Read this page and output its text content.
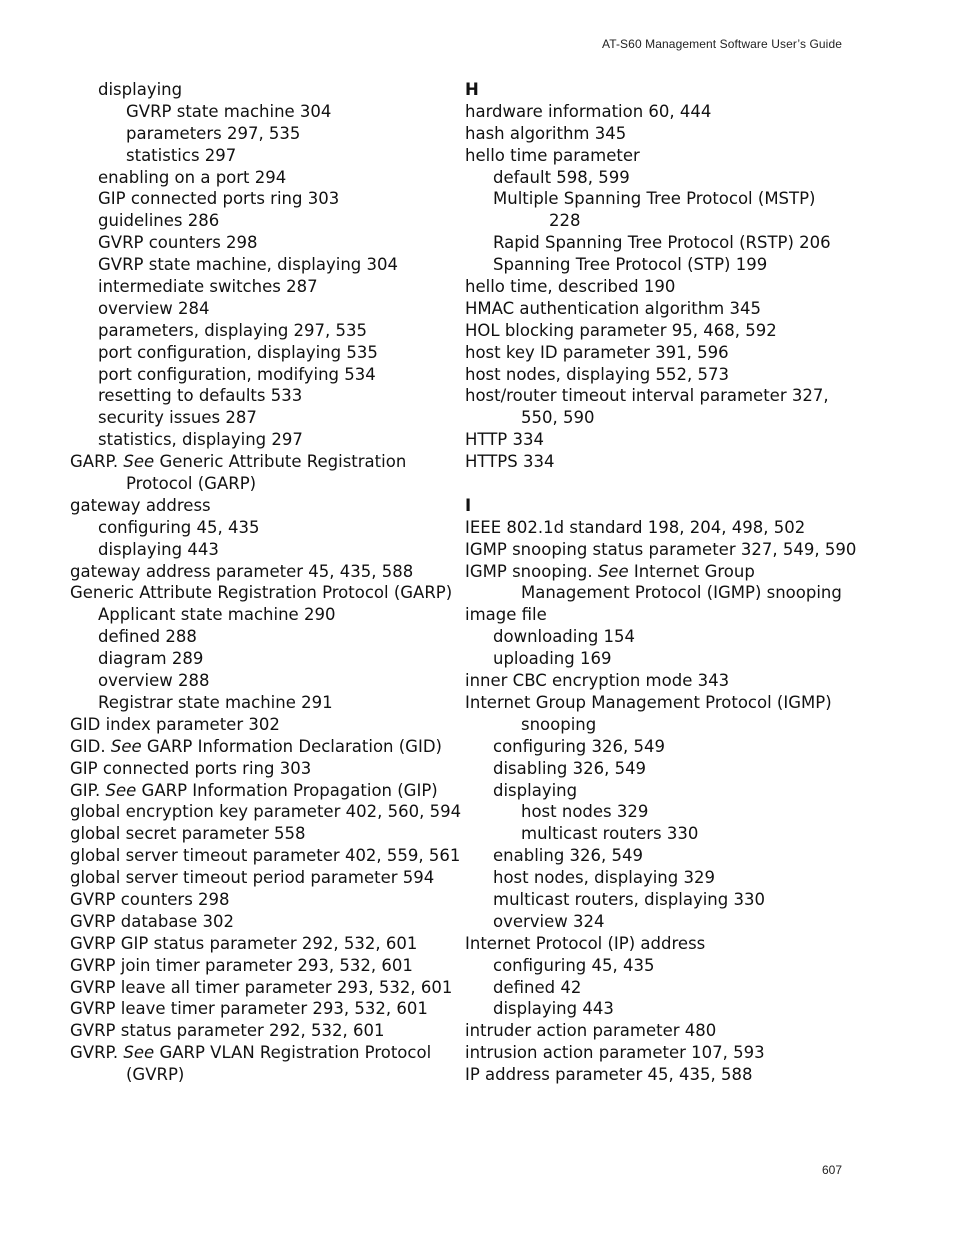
AT-S60 Management Software User’s Guide
displaying
GVRP state machine 304
parameters 297, 535
statistics 297
enabling on a port 294
GIP connected ports ring 303
guidelines 286
GVRP counters 298
GVRP state machine, displaying 304
intermediate switches 287
overview 284
parameters, displaying 297, 535
port configuration, displaying 535
port configuration, modifying 534
resetting to defaults 533
security issues 287
statistics, displaying 297
GARP. See Generic Attribute Registration
Protocol (GARP)
gateway address
configuring 45, 435
displaying 443
gateway address parameter 45, 435, 588
Generic Attribute Registration Protocol (GARP)
Applicant state machine 290
defined 288
diagram 289
overview 288
Registrar state machine 291
GID index parameter 302
GID. See GARP Information Declaration (GID)
GIP connected ports ring 303
GIP. See GARP Information Propagation (GIP)
global encryption key parameter 402, 560, 594
global secret parameter 558
global server timeout parameter 402, 559, 561
global server timeout period parameter 594
GVRP counters 298
GVRP database 302
GVRP GIP status parameter 292, 532, 601
GVRP join timer parameter 293, 532, 601
GVRP leave all timer parameter 293, 532, 601
GVRP leave timer parameter 293, 532, 601
GVRP status parameter 292, 532, 601
GVRP. See GARP VLAN Registration Protocol
(GVRP)
H
hardware information 60, 444
hash algorithm 345
hello time parameter
default 598, 599
Multiple Spanning Tree Protocol (MSTP)
228
Rapid Spanning Tree Protocol (RSTP) 206
Spanning Tree Protocol (STP) 199
hello time, described 190
HMAC authentication algorithm 345
HOL blocking parameter 95, 468, 592
host key ID parameter 391, 596
host nodes, displaying 552, 573
host/router timeout interval parameter 327,
550, 590
HTTP 334
HTTPS 334
I
IEEE 802.1d standard 198, 204, 498, 502
IGMP snooping status parameter 327, 549, 590
IGMP snooping. See Internet Group
Management Protocol (IGMP) snooping
image file
downloading 154
uploading 169
inner CBC encryption mode 343
Internet Group Management Protocol (IGMP)
snooping
configuring 326, 549
disabling 326, 549
displaying
host nodes 329
multicast routers 330
enabling 326, 549
host nodes, displaying 329
multicast routers, displaying 330
overview 324
Internet Protocol (IP) address
configuring 45, 435
defined 42
displaying 443
intruder action parameter 480
intrusion action parameter 107, 593
IP address parameter 45, 435, 588
607
